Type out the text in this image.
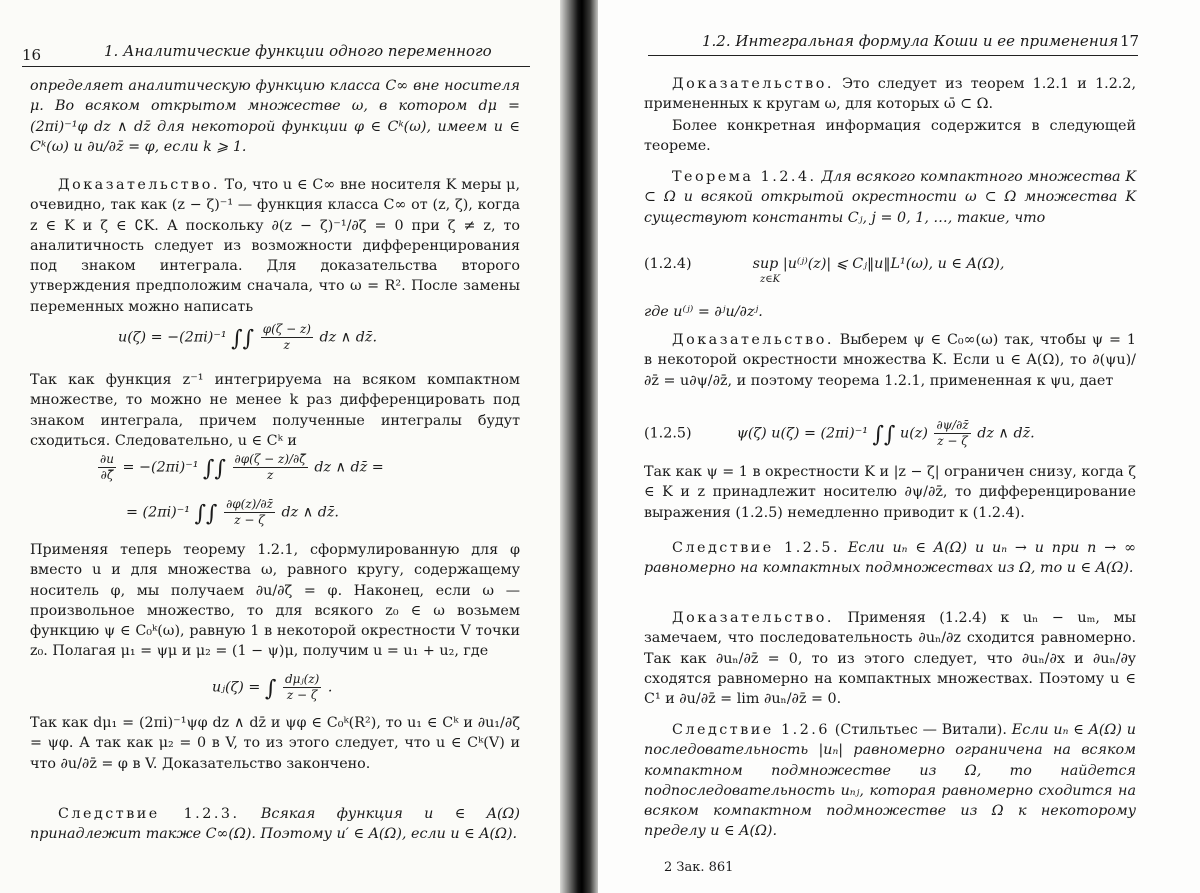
16	1. Аналитические функции одного переменного
определяет аналитическую функцию класса C∞ вне носителя μ. Во всяком открытом множестве ω, в котором dμ = (2πi)⁻¹φ dz ∧ dz̄ для некоторой функции φ ∈ Cᵏ(ω), имеем u ∈ Cᵏ(ω) и ∂u/∂z̄ = φ, если k ⩾ 1.
Доказательство. То, что u ∈ C∞ вне носителя K меры μ, очевидно, так как (z − ζ)⁻¹ — функция класса C∞ от (z, ζ), когда z ∈ K и ζ ∈ ∁K. А поскольку ∂(z − ζ)⁻¹/∂ζ̄ = 0 при ζ ≠ z, то аналитичность следует из возможности дифференцирования под знаком интеграла. Для доказательства второго утверждения предположим сначала, что ω = R². После замены переменных можно написать
u(ζ) = −(2πi)⁻¹ ∫∫ $\frac{\varphi(\zeta - z)}{z}$ dz ∧ dz̄.
Так как функция z⁻¹ интегрируема на всяком компактном множестве, то можно не менее k раз дифференцировать под знаком интеграла, причем полученные интегралы будут сходиться. Следовательно, u ∈ Cᵏ и
$\frac{\partial u}{\partial\zetā} = -(2\pi i)^{-1}$ ∫∫ $\frac{\partial\varphi(\zeta - z)/\partial\zetā}{z}$ dz ∧ dz̄ =
= (2πi)⁻¹ ∫∫ $\frac{\partial\varphi(z)/\partial z̄}{z - \zeta}$ dz ∧ dz̄.
Применяя теперь теорему 1.2.1, сформулированную для φ вместо u и для множества ω, равного кругу, содержащему носитель φ, мы получаем ∂u/∂ζ̄ = φ. Наконец, если ω — произвольное множество, то для всякого z₀ ∈ ω возьмем функцию ψ ∈ C₀ᵏ(ω), равную 1 в некоторой окрестности V точки z₀. Полагая μ₁ = ψμ и μ₂ = (1 − ψ)μ, получим u = u₁ + u₂, где
uⱼ(ζ) = ∫ $\frac{\text{dμⱼ(z)}}{z - \zeta}$ .
Так как dμ₁ = (2πi)⁻¹ψφ dz ∧ dz̄ и ψφ ∈ C₀ᵏ(R²), то u₁ ∈ Cᵏ и ∂u₁/∂ζ̄ = ψφ. А так как μ₂ = 0 в V, то из этого следует, что u ∈ Cᵏ(V) и что ∂u/∂z̄ = φ в V. Доказательство закончено.
Следствие 1.2.3. Всякая функция u ∈ A(Ω) принадлежит также C∞(Ω). Поэтому u′ ∈ A(Ω), если u ∈ A(Ω).
1.2. Интегральная формула Коши и ее применения 17
Доказательство. Это следует из теорем 1.2.1 и 1.2.2, примененных к кругам ω, для которых ω̄ ⊂ Ω.
Более конкретная информация содержится в следующей теореме.
Теорема 1.2.4. Для всякого компактного множества K ⊂ Ω и всякой открытой окрестности ω ⊂ Ω множества K существуют константы Cⱼ, j = 0, 1, …, такие, что
(1.2.4)	sup |u⁽ʲ⁾(z)| ⩽ Cⱼ‖u‖L¹(ω), u ∈ A(Ω),
z∈K
где u⁽ʲ⁾ = ∂ʲu/∂zʲ.
Доказательство. Выберем ψ ∈ C₀∞(ω) так, чтобы ψ = 1 в некоторой окрестности множества K. Если u ∈ A(Ω), то ∂(ψu)/∂z̄ = u∂ψ/∂z̄, и поэтому теорема 1.2.1, примененная к ψu, дает
(1.2.5)	ψ(ζ) u(ζ) = (2πi)⁻¹ ∫∫ $u(z) \frac{\partial\psi/\partial z̄}{z - \zeta}$ dz ∧ dz̄.
Так как ψ = 1 в окрестности K и |z − ζ| ограничен снизу, когда ζ ∈ K и z принадлежит носителю ∂ψ/∂z̄, то дифференцирование выражения (1.2.5) немедленно приводит к (1.2.4).
Следствие 1.2.5. Если uₙ ∈ A(Ω) и uₙ → u при n → ∞ равномерно на компактных подмножествах из Ω, то u ∈ A(Ω).
Доказательство. Применяя (1.2.4) к uₙ − uₘ, мы замечаем, что последовательность ∂uₙ/∂z сходится равномерно. Так как ∂uₙ/∂z̄ = 0, то из этого следует, что ∂uₙ/∂x и ∂uₙ/∂y сходятся равномерно на компактных множествах. Поэтому u ∈ C¹ и ∂u/∂z̄ = lim ∂uₙ/∂z̄ = 0.
Следствие 1.2.6 (Стильтьес — Витали). Если uₙ ∈ A(Ω) и последовательность |uₙ| равномерно ограничена на всяком компактном подмножестве из Ω, то найдется подпоследовательность uₙⱼ, которая равномерно сходится на всяком компактном подмножестве из Ω к некоторому пределу u ∈ A(Ω).
2 Зак. 861
